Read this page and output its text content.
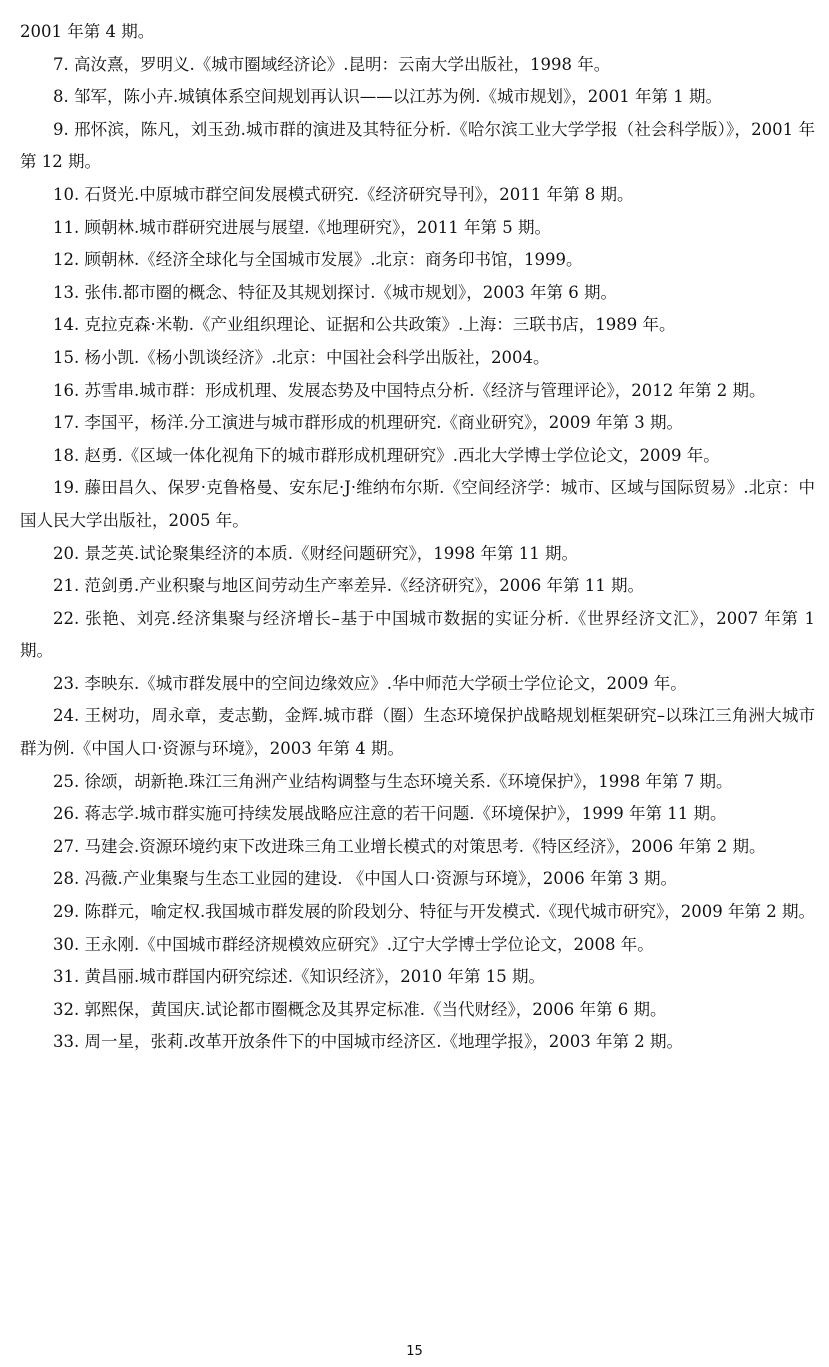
2001 年第 4 期。

7. 高汝熹，罗明义.《城市圈域经济论》.昆明：云南大学出版社，1998 年。

8. 邹军，陈小卉.城镇体系空间规划再认识——以江苏为例.《城市规划》，2001 年第 1 期。

9. 邢怀滨，陈凡，刘玉劲.城市群的演进及其特征分析.《哈尔滨工业大学学报（社会科学版）》，2001 年第 12 期。

10. 石贤光.中原城市群空间发展模式研究.《经济研究导刊》，2011 年第 8 期。

11. 顾朝林.城市群研究进展与展望.《地理研究》，2011 年第 5 期。

12. 顾朝林.《经济全球化与全国城市发展》.北京：商务印书馆，1999。

13. 张伟.都市圈的概念、特征及其规划探讨.《城市规划》，2003 年第 6 期。

14. 克拉克森·米勒.《产业组织理论、证据和公共政策》.上海：三联书店，1989 年。

15. 杨小凯.《杨小凯谈经济》.北京：中国社会科学出版社，2004。

16. 苏雪串.城市群：形成机理、发展态势及中国特点分析.《经济与管理评论》，2012 年第 2 期。

17. 李国平，杨洋.分工演进与城市群形成的机理研究.《商业研究》，2009 年第 3 期。

18. 赵勇.《区域一体化视角下的城市群形成机理研究》.西北大学博士学位论文，2009 年。

19. 藤田昌久、保罗·克鲁格曼、安东尼·J·维纳布尔斯.《空间经济学：城市、区域与国际贸易》.北京：中国人民大学出版社，2005 年。

20. 景芝英.试论聚集经济的本质.《财经问题研究》，1998 年第 11 期。

21. 范剑勇.产业积聚与地区间劳动生产率差异.《经济研究》，2006 年第 11 期。

22. 张艳、刘亮.经济集聚与经济增长–基于中国城市数据的实证分析.《世界经济文汇》，2007 年第 1 期。

23. 李映东.《城市群发展中的空间边缘效应》.华中师范大学硕士学位论文，2009 年。

24. 王树功，周永章，麦志勤，金辉.城市群（圈）生态环境保护战略规划框架研究–以珠江三角洲大城市群为例.《中国人口·资源与环境》，2003 年第 4 期。

25. 徐颂，胡新艳.珠江三角洲产业结构调整与生态环境关系.《环境保护》，1998 年第 7 期。

26. 蒋志学.城市群实施可持续发展战略应注意的若干问题.《环境保护》，1999 年第 11 期。

27. 马建会.资源环境约束下改进珠三角工业增长模式的对策思考.《特区经济》，2006 年第 2 期。

28. 冯薇.产业集聚与生态工业园的建设. 《中国人口·资源与环境》，2006 年第 3 期。

29. 陈群元，喻定权.我国城市群发展的阶段划分、特征与开发模式.《现代城市研究》，2009 年第 2 期。

30. 王永刚.《中国城市群经济规模效应研究》.辽宁大学博士学位论文，2008 年。

31. 黄昌丽.城市群国内研究综述.《知识经济》，2010 年第 15 期。

32. 郭熙保，黄国庆.试论都市圈概念及其界定标准.《当代财经》，2006 年第 6 期。

33. 周一星，张莉.改革开放条件下的中国城市经济区.《地理学报》，2003 年第 2 期。

15
